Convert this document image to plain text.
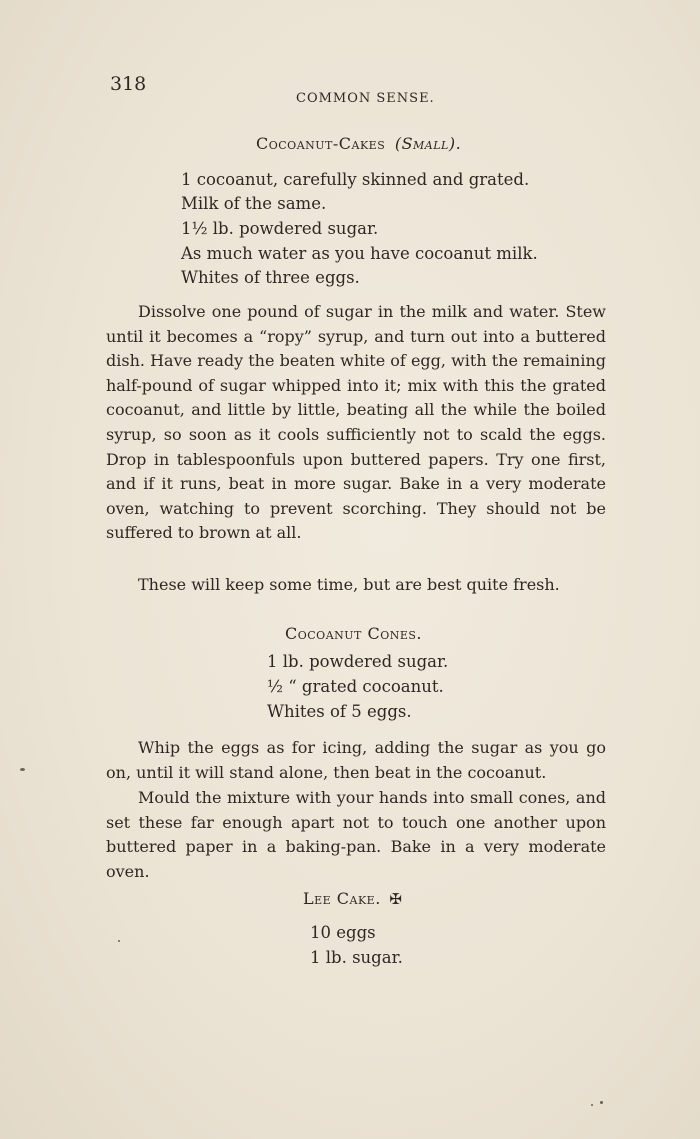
318
COMMON SENSE.
Cocoanut-Cakes (Small).
1 cocoanut, carefully skinned and grated.
Milk of the same.
1½ lb. powdered sugar.
As much water as you have cocoanut milk.
Whites of three eggs.
Dissolve one pound of sugar in the milk and water. Stew until it becomes a “ropy” syrup, and turn out into a buttered dish. Have ready the beaten white of egg, with the remaining half-pound of sugar whipped into it; mix with this the grated cocoanut, and little by little, beating all the while the boiled syrup, so soon as it cools sufficiently not to scald the eggs. Drop in tablespoonfuls upon buttered papers. Try one first, and if it runs, beat in more sugar. Bake in a very moderate oven, watching to prevent scorching. They should not be suffered to brown at all.
These will keep some time, but are best quite fresh.
Cocoanut Cones.
1 lb. powdered sugar.
½ “ grated cocoanut.
Whites of 5 eggs.
Whip the eggs as for icing, adding the sugar as you go on, until it will stand alone, then beat in the cocoanut.
Mould the mixture with your hands into small cones, and set these far enough apart not to touch one another upon buttered paper in a baking-pan. Bake in a very moderate oven.
Lee Cake. ✠
10 eggs
1 lb. sugar.
